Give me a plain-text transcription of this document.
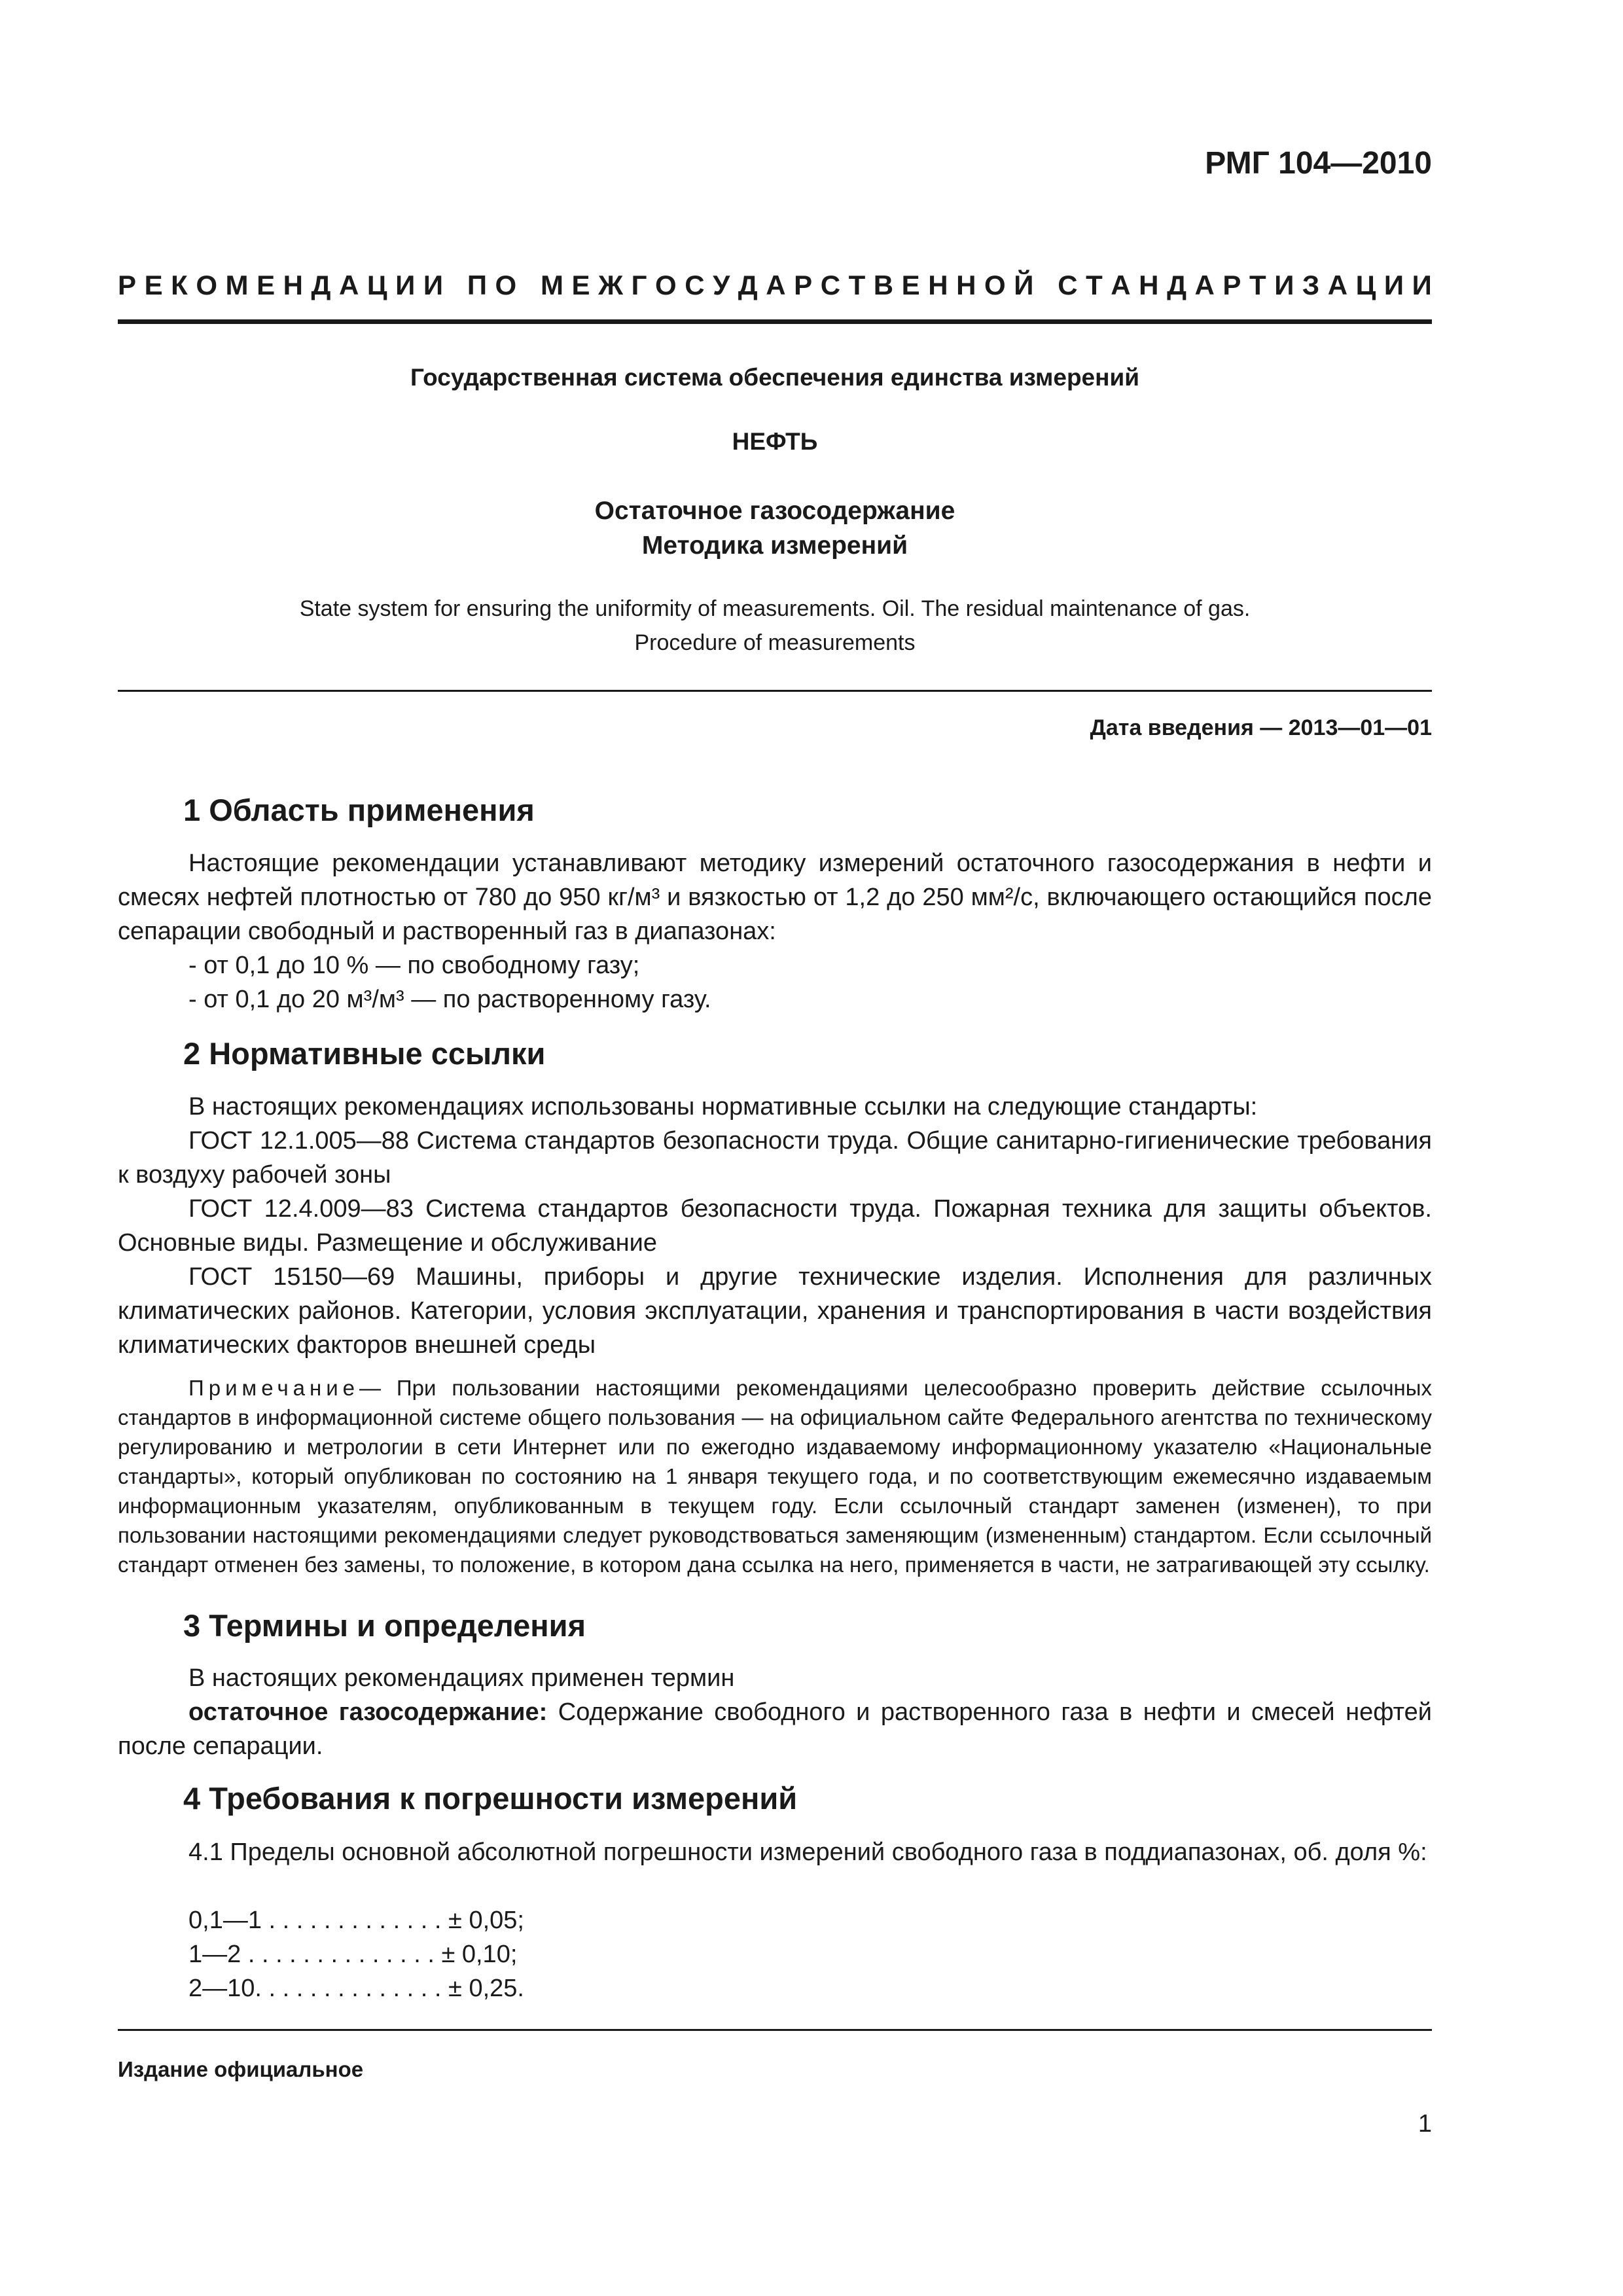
РМГ 104—2010
Р Е К О М Е Н Д А Ц И И
П О
М Е Ж Г О С У Д А Р С Т В Е Н Н О Й
С Т А Н Д А Р Т И З А Ц И И
Государственная система обеспечения единства измерений
НЕФТЬ
Остаточное газосодержание
Методика измерений
State system for ensuring the uniformity of measurements. Oil. The residual maintenance of gas.
Procedure of measurements
Дата введения — 2013—01—01
1 Область применения
Настоящие рекомендации устанавливают методику измерений остаточного газосодержания в нефти и смесях нефтей плотностью от 780 до 950 кг/м³ и вязкостью от 1,2 до 250 мм²/с, включающего остающийся после сепарации свободный и растворенный газ в диапазонах:
- от 0,1 до 10 % — по свободному газу;
- от 0,1 до 20 м³/м³ — по растворенному газу.
2 Нормативные ссылки
В настоящих рекомендациях использованы нормативные ссылки на следующие стандарты:
ГОСТ 12.1.005—88 Система стандартов безопасности труда. Общие санитарно-гигиенические требования к воздуху рабочей зоны
ГОСТ 12.4.009—83 Система стандартов безопасности труда. Пожарная техника для защиты объектов. Основные виды. Размещение и обслуживание
ГОСТ 15150—69 Машины, приборы и другие технические изделия. Исполнения для различных климатических районов. Категории, условия эксплуатации, хранения и транспортирования в части воздействия климатических факторов внешней среды
Примечание— При пользовании настоящими рекомендациями целесообразно проверить действие ссылочных стандартов в информационной системе общего пользования — на официальном сайте Федерального агентства по техническому регулированию и метрологии в сети Интернет или по ежегодно издаваемому информационному указателю «Национальные стандарты», который опубликован по состоянию на 1 января текущего года, и по соответствующим ежемесячно издаваемым информационным указателям, опубликованным в текущем году. Если ссылочный стандарт заменен (изменен), то при пользовании настоящими рекомендациями следует руководствоваться заменяющим (измененным) стандартом. Если ссылочный стандарт отменен без замены, то положение, в котором дана ссылка на него, применяется в части, не затрагивающей эту ссылку.
3 Термины и определения
В настоящих рекомендациях применен термин
остаточное газосодержание: Содержание свободного и растворенного газа в нефти и смесей нефтей после сепарации.
4 Требования к погрешности измерений
4.1 Пределы основной абсолютной погрешности измерений свободного газа в поддиапазонах, об. доля %:
0,1—1 . . . . . . . . . . . . . ± 0,05;
1—2 . . . . . . . . . . . . . . ± 0,10;
2—10. . . . . . . . . . . . . . ± 0,25.
Издание официальное
1
